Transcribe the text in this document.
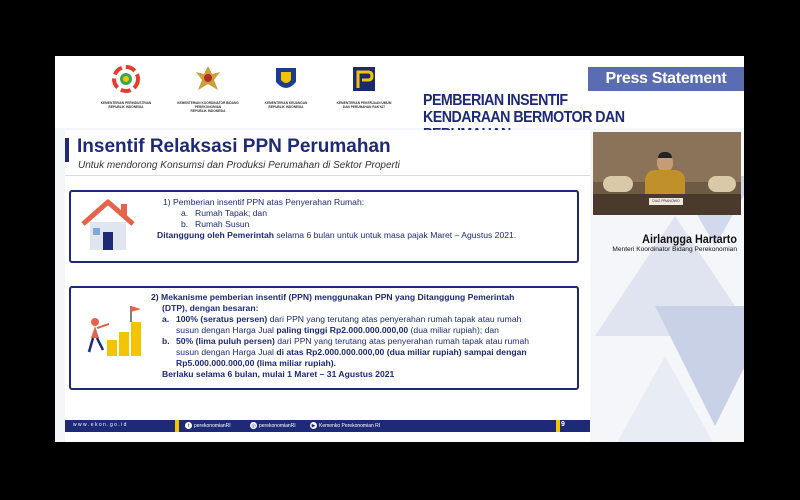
KEMENTERIAN PERINDUSTRIAN
REPUBLIK INDONESIA
KEMENTERIAN KOORDINATOR BIDANG PEREKONOMIAN
REPUBLIK INDONESIA
KEMENTERIAN KEUANGAN
REPUBLIK INDONESIA
KEMENTERIAN PEKERJAAN UMUM
DAN PERUMAHAN RAKYAT
Press Statement
PEMBERIAN INSENTIF
KENDARAAN BERMOTOR DAN
Insentif Relaksasi PPN Perumahan
Untuk mendorong Konsumsi dan Produksi Perumahan di Sektor Properti
1) Pemberian insentif PPN atas Penyerahan Rumah:
a. Rumah Tapak; dan
b. Rumah Susun
Ditanggung oleh Pemerintah selama 6 bulan untuk untuk masa pajak Maret – Agustus 2021.
2) Mekanisme pemberian insentif (PPN) menggunakan PPN yang Ditanggung Pemerintah
(DTP), dengan besaran:
a. 100% (seratus persen) dari PPN yang terutang atas penyerahan rumah tapak atau rumah
susun dengan Harga Jual paling tinggi Rp2.000.000.000,00 (dua miliar rupiah); dan
b. 50% (lima puluh persen) dari PPN yang terutang atas penyerahan rumah tapak atau rumah
susun dengan Harga Jual di atas Rp2.000.000.000,00 (dua miliar rupiah) sampai dengan
Rp5.000.000.000,00 (lima miliar rupiah).
Berlaku selama 6 bulan, mulai 1 Maret – 31 Agustus 2021
w w w . e k o n . g o . i d	t perekonomianRI	◎ perekonomianRI	▶ Kemenko Perekonomian RI	9
DIAZ PRANOWO
Airlangga Hartarto
Menteri Koordinator Bidang Perekonomian
